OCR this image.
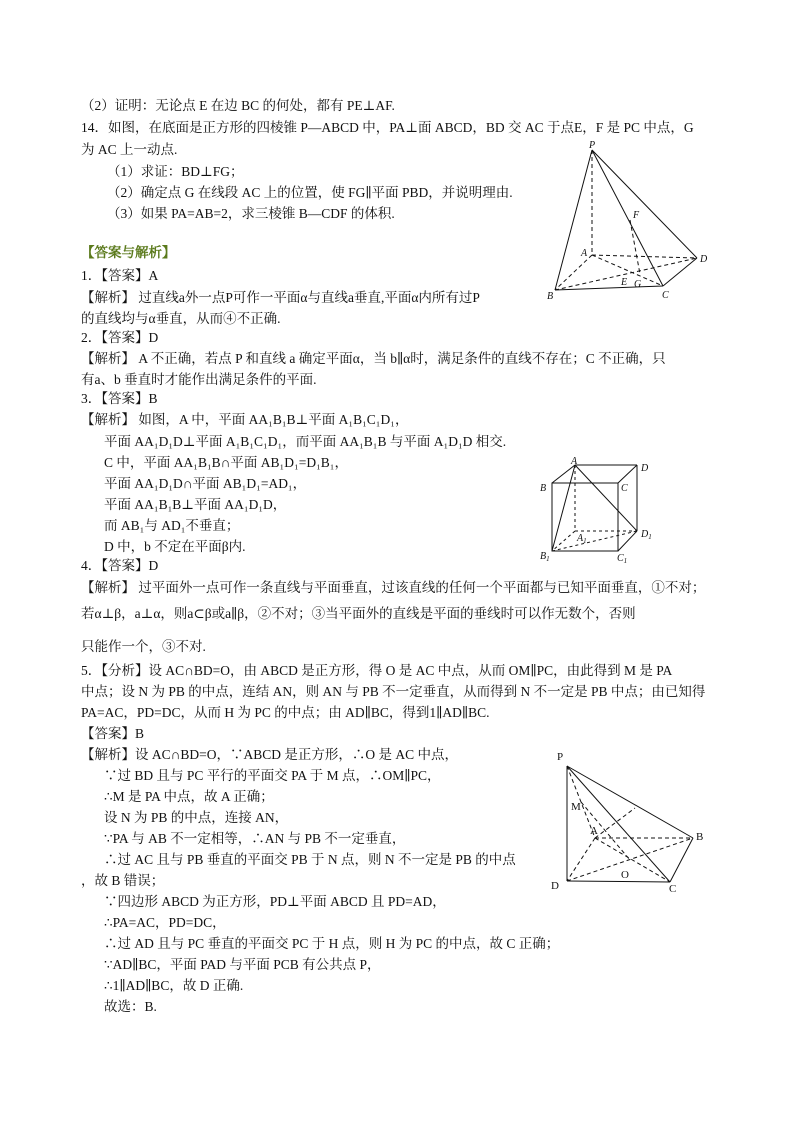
（2）证明：无论点 E 在边 BC 的何处，都有 PE⊥AF.
14．如图，在底面是正方形的四棱锥 P—ABCD 中，PA⊥面 ABCD，BD 交 AC 于点E，F 是 PC 中点，G
为 AC 上一动点.
（1）求证：BD⊥FG；
（2）确定点 G 在线段 AC 上的位置，使 FG∥平面 PBD，并说明理由.
（3）如果 PA=AB=2，求三棱锥 B—CDF 的体积.
【答案与解析】
1．【答案】A
【解析】 过直线a外一点P可作一平面α与直线a垂直,平面α内所有过P
的直线均与α垂直，从而④不正确.
2．【答案】D
【解析】 A 不正确，若点 P 和直线 a 确定平面α，当 b∥α时，满足条件的直线不存在；C 不正确，只
有a、b 垂直时才能作出满足条件的平面.
3．【答案】B
【解析】 如图，A 中，平面 AA₁B₁B⊥平面 A₁B₁C₁D₁，
平面 AA₁D₁D⊥平面 A₁B₁C₁D₁，而平面 AA₁B₁B 与平面 A₁D₁D 相交.
C 中，平面 AA₁B₁B∩平面 AB₁D₁=D₁B₁，
平面 AA₁D₁D∩平面 AB₁D₁=AD₁，
平面 AA₁B₁B⊥平面 AA₁D₁D，
而 AB₁与 AD₁不垂直；
D 中，b 不定在平面β内.
4．【答案】D
【解析】 过平面外一点可作一条直线与平面垂直，过该直线的任何一个平面都与已知平面垂直，①不对；
若α⊥β，a⊥α，则a⊂β或a∥β，②不对；③当平面外的直线是平面的垂线时可以作无数个，否则
只能作一个，③不对.
5．【分析】设 AC∩BD=O，由 ABCD 是正方形，得 O 是 AC 中点，从而 OM∥PC，由此得到 M 是 PA
中点；设 N 为 PB 的中点，连结 AN，则 AN 与 PB 不一定垂直，从而得到 N 不一定是 PB 中点；由已知得
PA=AC，PD=DC，从而 H 为 PC 的中点；由 AD∥BC，得到1∥AD∥BC.
【答案】B
【解析】设 AC∩BD=O，∵ABCD 是正方形，∴O 是 AC 中点，
∵过 BD 且与 PC 平行的平面交 PA 于 M 点，∴OM∥PC，
∴M 是 PA 中点，故 A 正确；
设 N 为 PB 的中点，连接 AN，
∵PA 与 AB 不一定相等，∴AN 与 PB 不一定垂直，
∴过 AC 且与 PB 垂直的平面交 PB 于 N 点，则 N 不一定是 PB 的中点
，故 B 错误；
∵四边形 ABCD 为正方形，PD⊥平面 ABCD 且 PD=AD，
∴PA=AC，PD=DC，
∴过 AD 且与 PC 垂直的平面交 PC 于 H 点，则 H 为 PC 的中点，故 C 正确；
∵AD∥BC，平面 PAD 与平面 PCB 有公共点 P，
∴1∥AD∥BC，故 D 正确.
故选：B.
P
A
B	C
D
E
F
G
A
B	C
D
$A_1$
$B_1$	$C_1$
$D_1$
P
M
A	B
C
D
O
